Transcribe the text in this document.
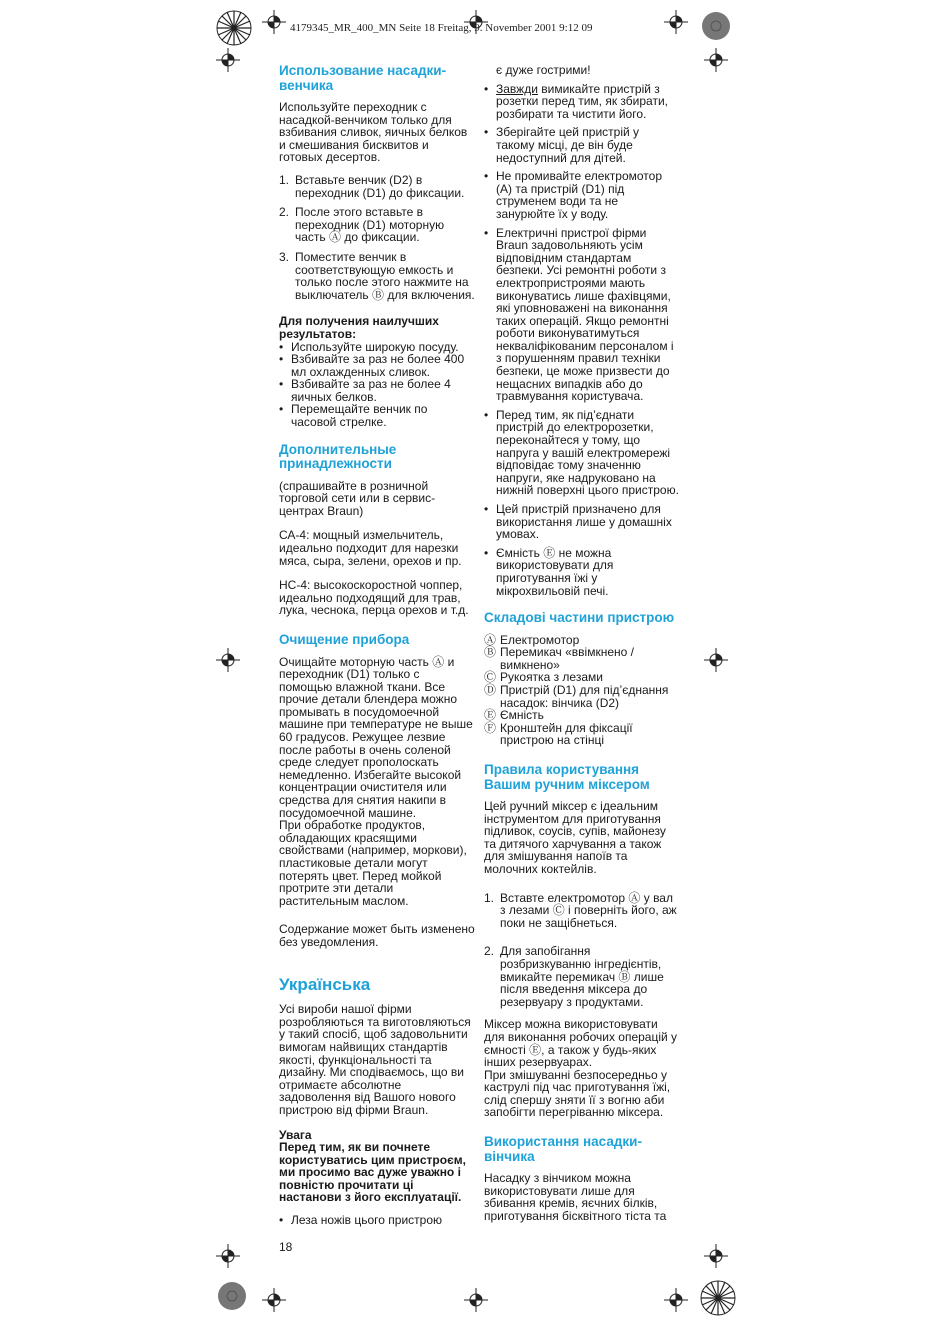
4179345_MR_400_MN Seite 18 Freitag, 9. November 2001 9:12 09
Использование насадки-венчика

Используйте переходник с насадкой-венчиком только для взбивания сливок, яичных белков и смешивания бисквитов и готовых десертов.

1. Вставьте венчик (D2) в переходник (D1) до фиксации.
2. После этого вставьте в переходник (D1) моторную часть Ⓐ до фиксации.
3. Поместите венчик в соответствующую емкость и только после этого нажмите на выключатель Ⓑ для включения.
Для получения наилучших результатов:
• Используйте широкую посуду.
• Взбивайте за раз не более 400 мл охлажденных сливок.
• Взбивайте за раз не более 4 яичных белков.
• Перемещайте венчик по часовой стрелке.
Дополнительные принадлежности

(спрашивайте в розничной торговой сети или в сервис-центрах Braun)

СА-4: мощный измельчитель, идеально подходит для нарезки мяса, сыра, зелени, орехов и пр.

НС-4: высокоскоростной чоппер, идеально подходящий для трав, лука, чеснока, перца орехов и т.д.

Очищение прибора

Очищайте моторную часть Ⓐ и переходник (D1) только с помощью влажной ткани. Все прочие детали блендера можно промывать в посудомоечной машине при температуре не выше 60 градусов. Режущее лезвие после работы в очень соленой среде следует прополоскать немедленно. Избегайте высокой концентрации очистителя или средства для снятия накипи в посудомоечной машине.

При обработке продуктов, обладающих красящими свойствами (например, моркови), пластиковые детали могут потерять цвет. Перед мойкой протрите эти детали растительным маслом.

Содержание может быть изменено без уведомления.

Українська

Усі вироби нашої фірми розробляються та виготовляються у такий спосіб, щоб задовольнити вимогам найвищих стандартів якості, функціональності та дизайну. Ми сподіваємось, що ви отримаєте абсолютне задоволення від Вашого нового пристрою від фірми Braun.

Увага

Перед тим, як ви почнете користуватись цим пристроєм, ми просимо вас дуже уважно і повністю прочитати ці настанови з його експлуатації.

• Леза ножів цього пристрою

є дуже гострими!

• Завжди вимикайте пристрій з розетки перед тим, як збирати, розбирати та чистити його.
• Зберігайте цей пристрій у такому місці, де він буде недоступний для дітей.
• Не промивайте електромотор (A) та пристрій (D1) під струменем води та не занурюйте їх у воду.
• Електричні пристрої фірми Braun задовольняють усім відповідним стандартам безпеки. Усі ремонтні роботи з електропристроями мають виконуватись лише фахівцями, які уповноважені на виконання таких операцій. Якщо ремонтні роботи виконуватимуться некваліфікованим персоналом і з порушенням правил техніки безпеки, це може призвести до нещасних випадків або до травмування користувача.
• Перед тим, як під’єднати пристрій до електророзетки, переконайтеся у тому, що напруга у вашій електромережі відповідає тому значенню напруги, яке надруковано на нижній поверхні цього пристрою.
• Цей пристрій призначено для використання лише у домашніх умовах.
• Ємність Ⓔ не можна використовувати для приготування їжі у мікрохвильовій печі.
Складові частини пристрою
Ⓐ Електромотор
Ⓑ Перемикач «ввімкнено / вимкнено»
Ⓒ Рукоятка з лезами
Ⓓ Пристрій (D1) для під’єднання насадок: вінчика (D2)
Ⓔ Ємність
Ⓕ Кронштейн для фіксації пристрою на стінці
Правила користування Вашим ручним міксером

Цей ручний міксер є ідеальним інструментом для приготування підливок, соусів, супів, майонезу та дитячого харчування а також для змішування напоїв та молочних коктейлів.

1. Вставте електромотор Ⓐ у вал з лезами Ⓒ і поверніть його, аж поки не защібнеться.
2. Для запобігання розбризкуванню інгредієнтів, вмикайте перемикач Ⓑ лише після введення міксера до резервуару з продуктами.

Міксер можна використовувати для виконання робочих операцій у ємності Ⓔ, а також у будь-яких інших резервуарах.

При змішуванні безпосередньо у каструлі під час приготування їжі, слід спершу зняти її з вогню аби запобігти перегріванню міксера.

Використання насадки-вінчика

Насадку з вінчиком можна використовувати лише для збивання кремів, яєчних білків, приготування бісквітного тіста та

18
